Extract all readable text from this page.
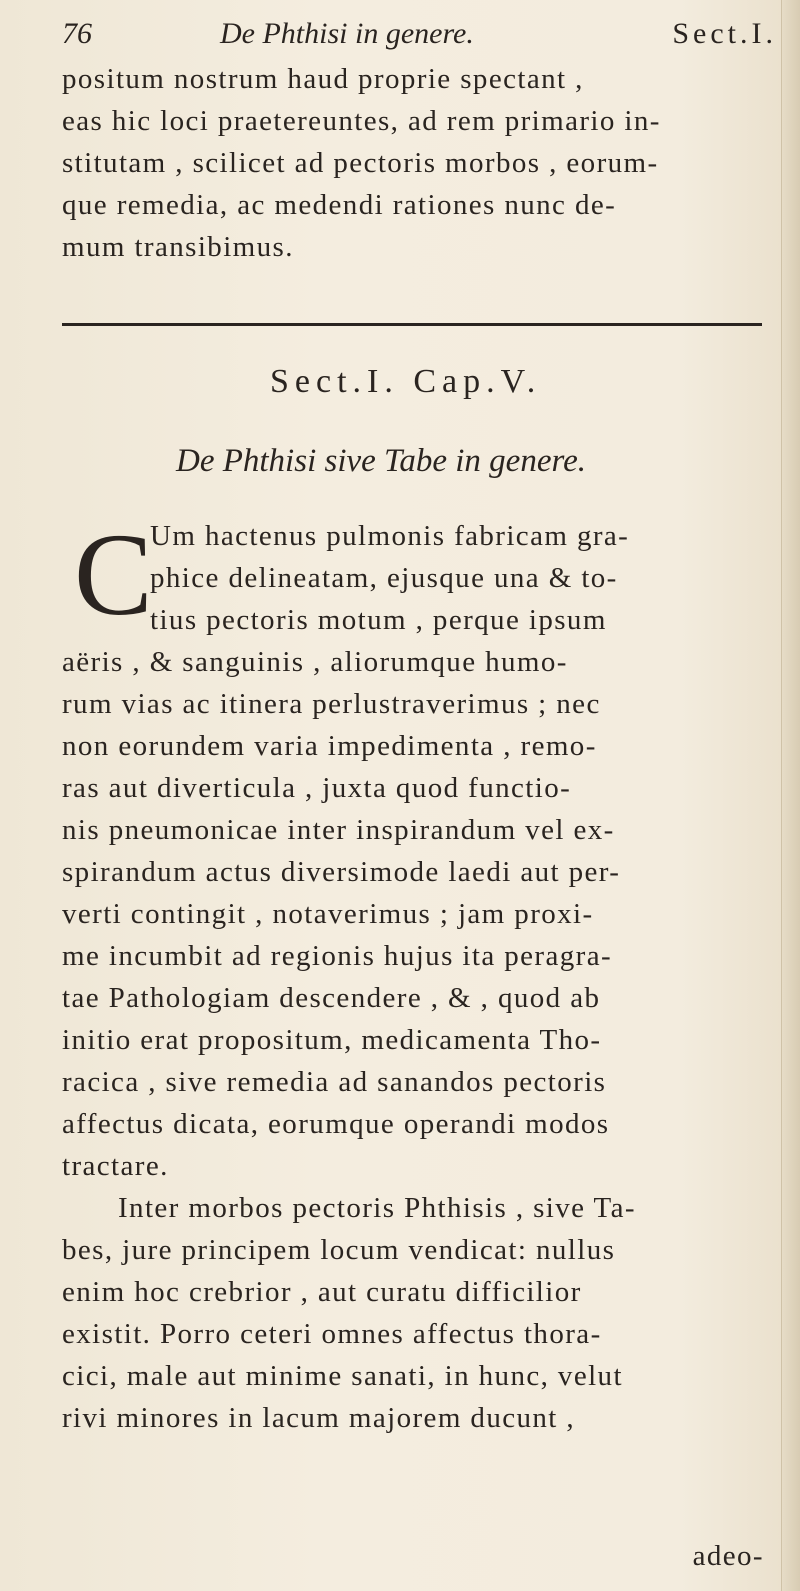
76	De Phthisi in genere.	Sect.I.
positum nostrum haud proprie spectant ,
eas hic loci praetereuntes, ad rem primario in-
stitutam , scilicet ad pectoris morbos , eorum-
que remedia, ac medendi rationes nunc de-
mum transibimus.
Sect.I. Cap.V.
De Phthisi sive Tabe in genere.
C
Um hactenus pulmonis fabricam gra-
phice delineatam, ejusque una & to-
tius pectoris motum , perque ipsum
aëris , & sanguinis , aliorumque humo-
rum vias ac itinera perlustraverimus ; nec
non eorundem varia impedimenta , remo-
ras aut diverticula , juxta quod functio-
nis pneumonicae inter inspirandum vel ex-
spirandum actus diversimode laedi aut per-
verti contingit , notaverimus ; jam proxi-
me incumbit ad regionis hujus ita peragra-
tae Pathologiam descendere , & , quod ab
initio erat propositum, medicamenta Tho-
racica , sive remedia ad sanandos pectoris
affectus dicata, eorumque operandi modos
tractare.
Inter morbos pectoris Phthisis , sive Ta-
bes, jure principem locum vendicat: nullus
enim hoc crebrior , aut curatu difficilior
existit. Porro ceteri omnes affectus thora-
cici, male aut minime sanati, in hunc, velut
rivi minores in lacum majorem ducunt ,
adeo-
